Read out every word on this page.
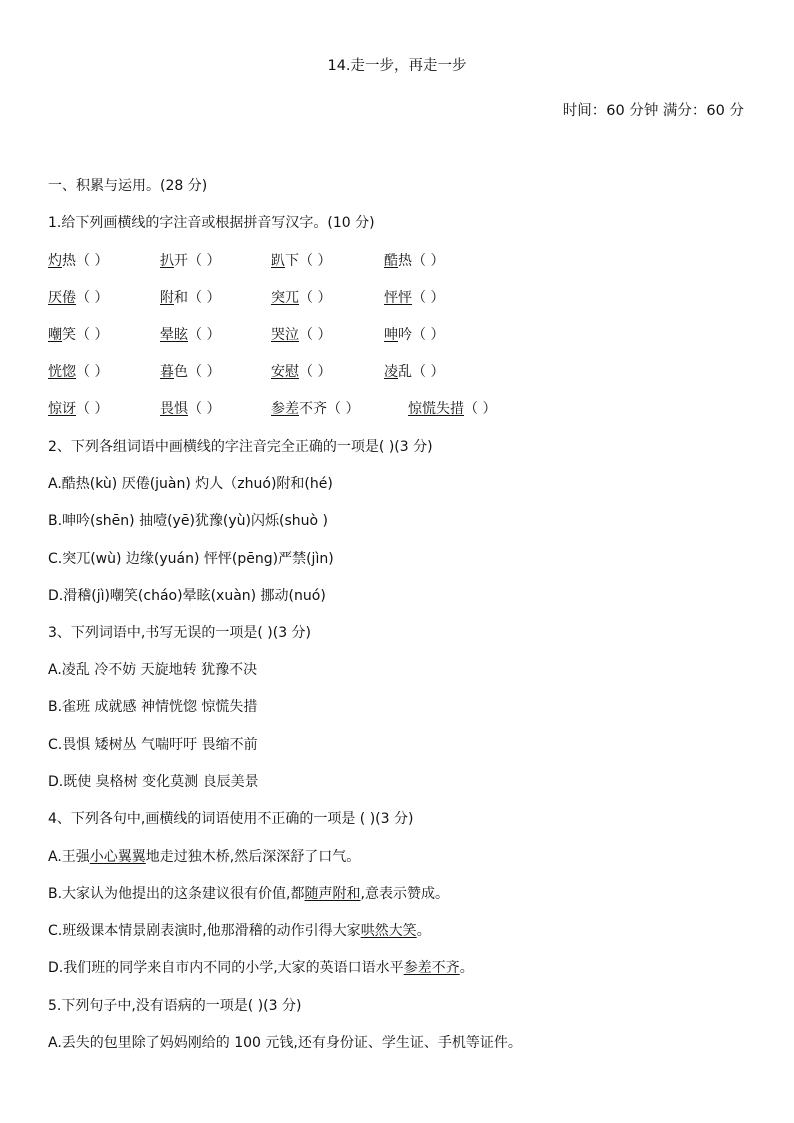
14.走一步，再走一步
时间：60 分钟 满分：60 分
一、积累与运用。(28 分)
1.给下列画横线的字注音或根据拼音写汉字。(10 分)
灼热（ ）	扒开（ ）	趴下（ ）	酷热（ ）
厌倦（ ）	附和（ ）	突兀（ ）	怦怦（ ）
嘲笑（ ）	晕眩（ ）	哭泣（ ）	呻吟（ ）
恍惚（ ）	暮色（ ）	安慰（ ）	凌乱（ ）
惊讶（ ）	畏惧（ ）	参差不齐（ ）	惊慌失措（ ）
2、下列各组词语中画横线的字注音完全正确的一项是( )(3 分)
A.酷热(kù) 厌倦(juàn) 灼人（zhuó)附和(hé)
B.呻吟(shēn) 抽噎(yē)犹豫(yù)闪烁(shuò )
C.突兀(wù) 边缘(yuán) 怦怦(pēng)严禁(jìn)
D.滑稽(jì)嘲笑(cháo)晕眩(xuàn) 挪动(nuó)
3、下列词语中,书写无误的一项是( )(3 分)
A.凌乱 冷不妨 天旋地转 犹豫不决
B.雀班 成就感 神情恍惚 惊慌失措
C.畏惧 矮树丛 气喘吁吁 畏缩不前
D.既使 臭格树 变化莫测 良辰美景
4、下列各句中,画横线的词语使用不正确的一项是 ( )(3 分)
A.王强小心翼翼地走过独木桥,然后深深舒了口气。
B.大家认为他提出的这条建议很有价值,都随声附和,意表示赞成。
C.班级课本情景剧表演时,他那滑稽的动作引得大家哄然大笑。
D.我们班的同学来自市内不同的小学,大家的英语口语水平参差不齐。
5.下列句子中,没有语病的一项是( )(3 分)
A.丢失的包里除了妈妈刚给的 100 元钱,还有身份证、学生证、手机等证件。
